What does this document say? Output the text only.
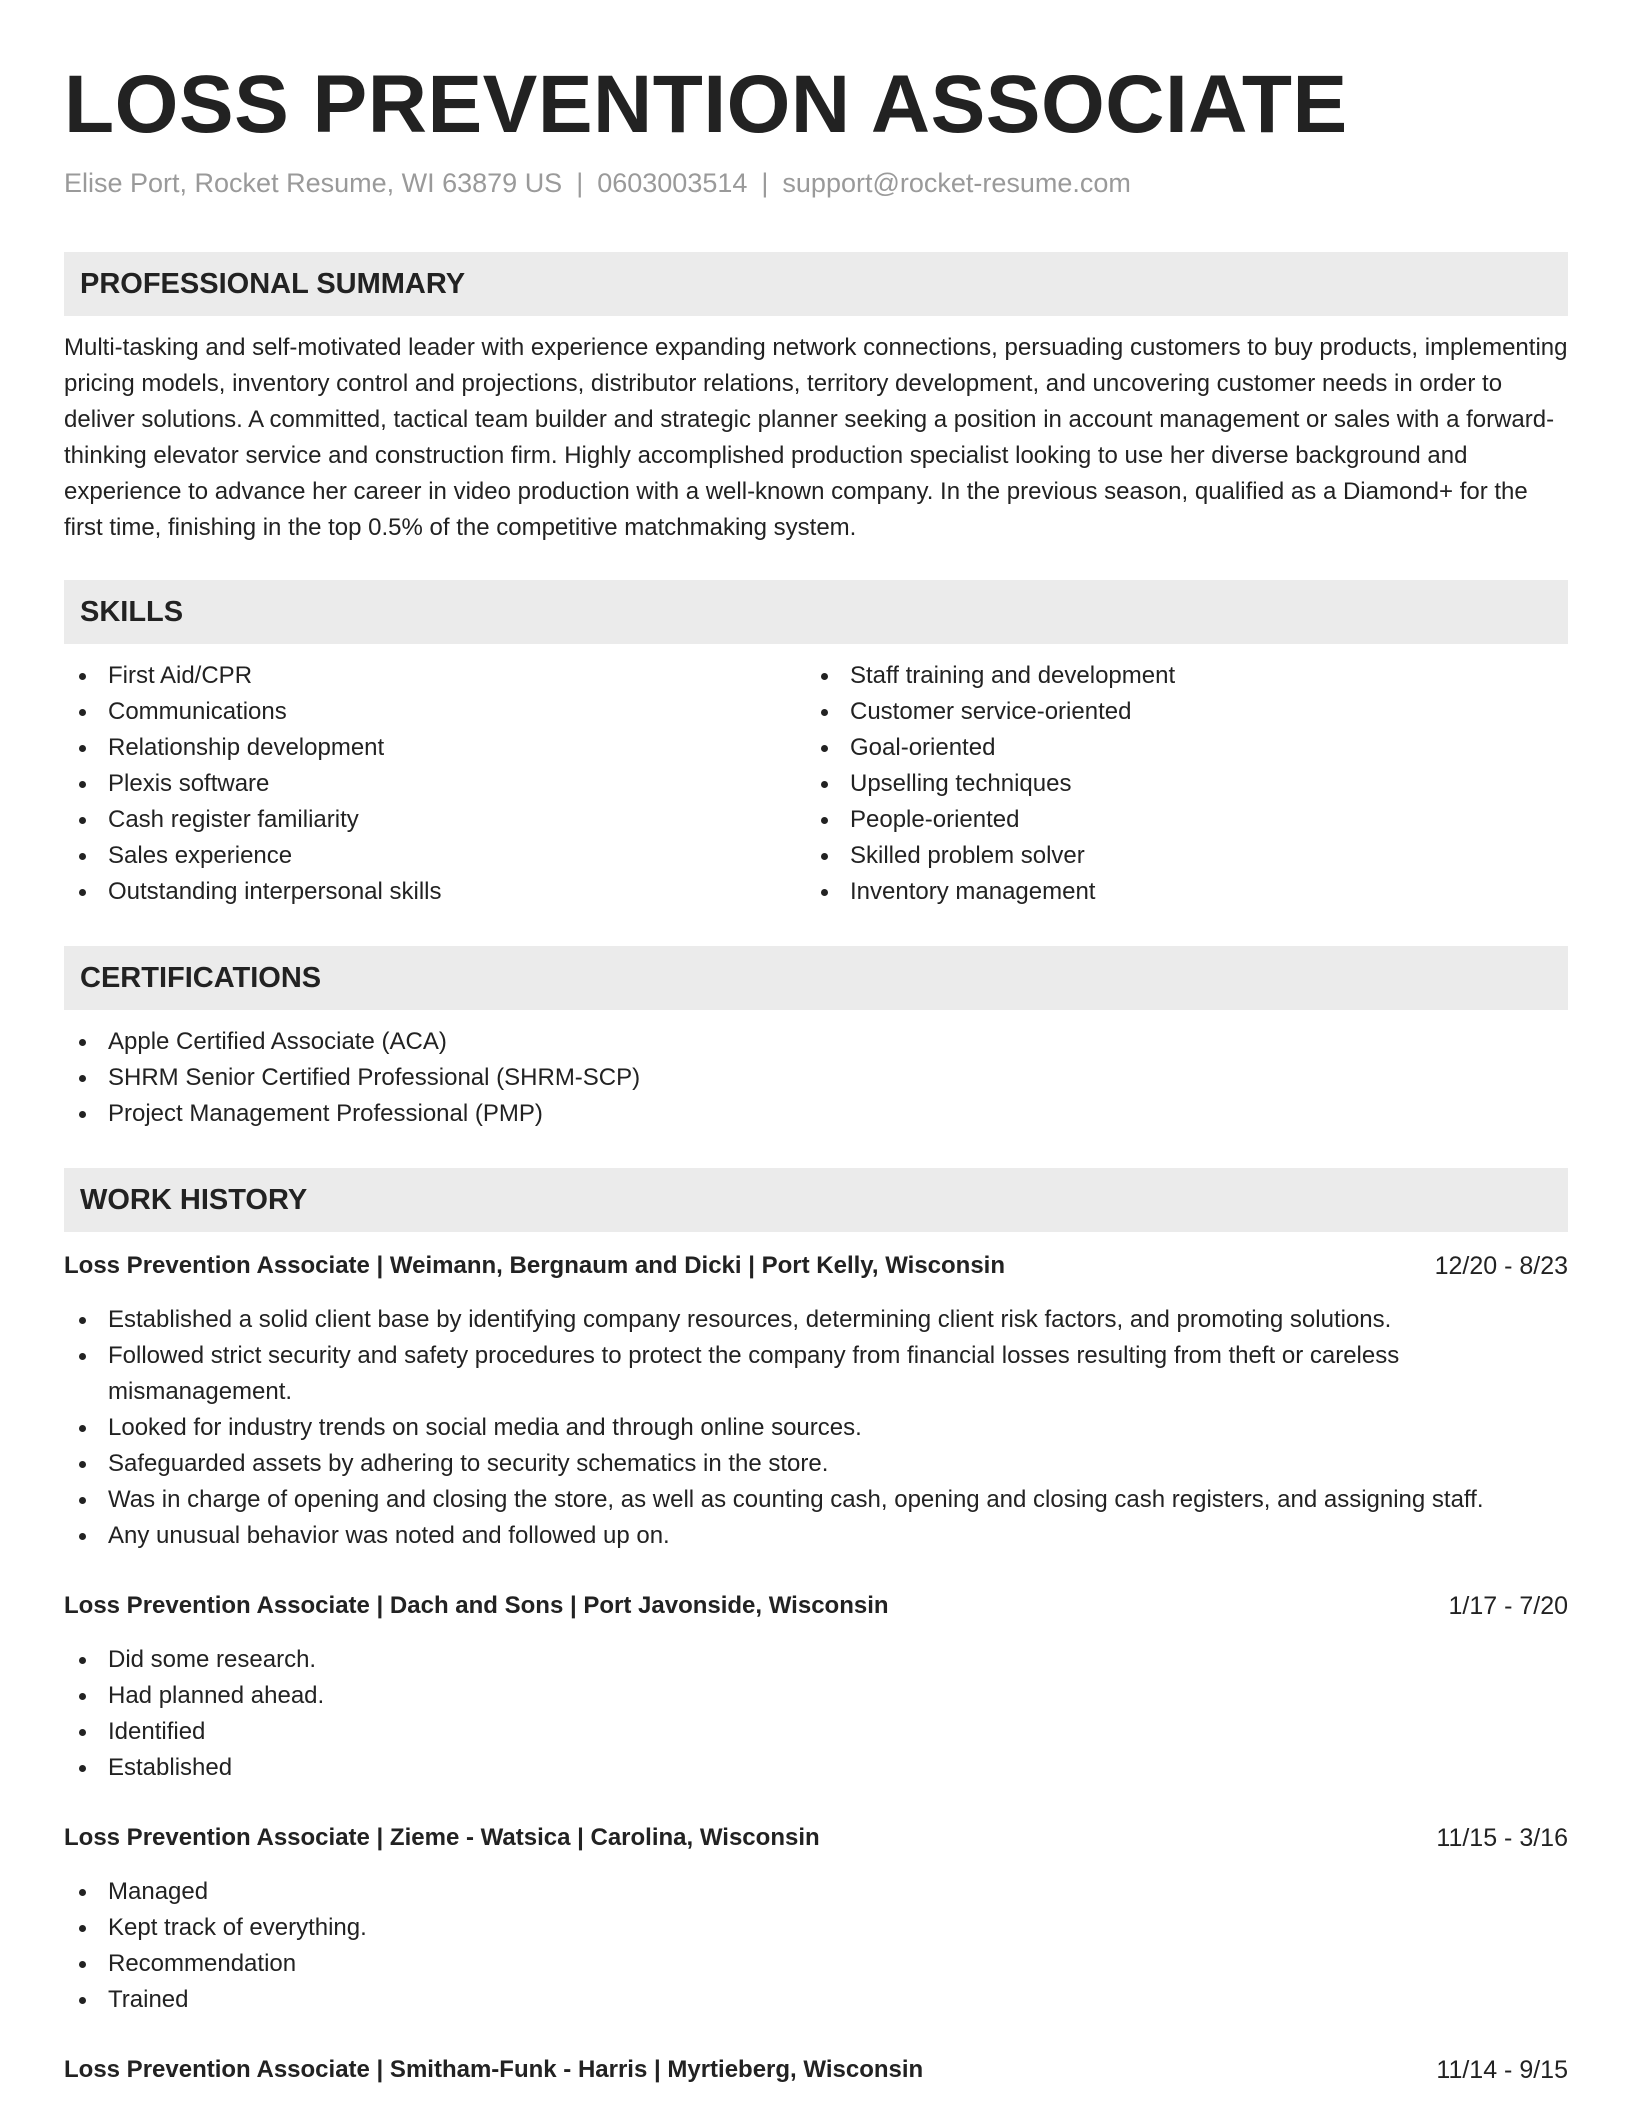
LOSS PREVENTION ASSOCIATE
Elise Port, Rocket Resume, WI 63879 US | 0603003514 | support@rocket-resume.com
PROFESSIONAL SUMMARY

Multi-tasking and self-motivated leader with experience expanding network connections, persuading customers to buy products, implementing pricing models, inventory control and projections, distributor relations, territory development, and uncovering customer needs in order to deliver solutions. A committed, tactical team builder and strategic planner seeking a position in account management or sales with a forward-thinking elevator service and construction firm. Highly accomplished production specialist looking to use her diverse background and experience to advance her career in video production with a well-known company. In the previous season, qualified as a Diamond+ for the first time, finishing in the top 0.5% of the competitive matchmaking system.

SKILLS
First Aid/CPR
Communications
Relationship development
Plexis software
Cash register familiarity
Sales experience
Outstanding interpersonal skills
Staff training and development
Customer service-oriented
Goal-oriented
Upselling techniques
People-oriented
Skilled problem solver
Inventory management
CERTIFICATIONS
Apple Certified Associate (ACA)
SHRM Senior Certified Professional (SHRM-SCP)
Project Management Professional (PMP)
WORK HISTORY
Loss Prevention Associate | Weimann, Bergnaum and Dicki | Port Kelly, Wisconsin	12/20 - 8/23
Established a solid client base by identifying company resources, determining client risk factors, and promoting solutions.
Followed strict security and safety procedures to protect the company from financial losses resulting from theft or careless mismanagement.
Looked for industry trends on social media and through online sources.
Safeguarded assets by adhering to security schematics in the store.
Was in charge of opening and closing the store, as well as counting cash, opening and closing cash registers, and assigning staff.
Any unusual behavior was noted and followed up on.
Loss Prevention Associate | Dach and Sons | Port Javonside, Wisconsin	1/17 - 7/20
Did some research.
Had planned ahead.
Identified
Established
Loss Prevention Associate | Zieme - Watsica | Carolina, Wisconsin	11/15 - 3/16
Managed
Kept track of everything.
Recommendation
Trained
Loss Prevention Associate | Smitham-Funk - Harris | Myrtieberg, Wisconsin	11/14 - 9/15
